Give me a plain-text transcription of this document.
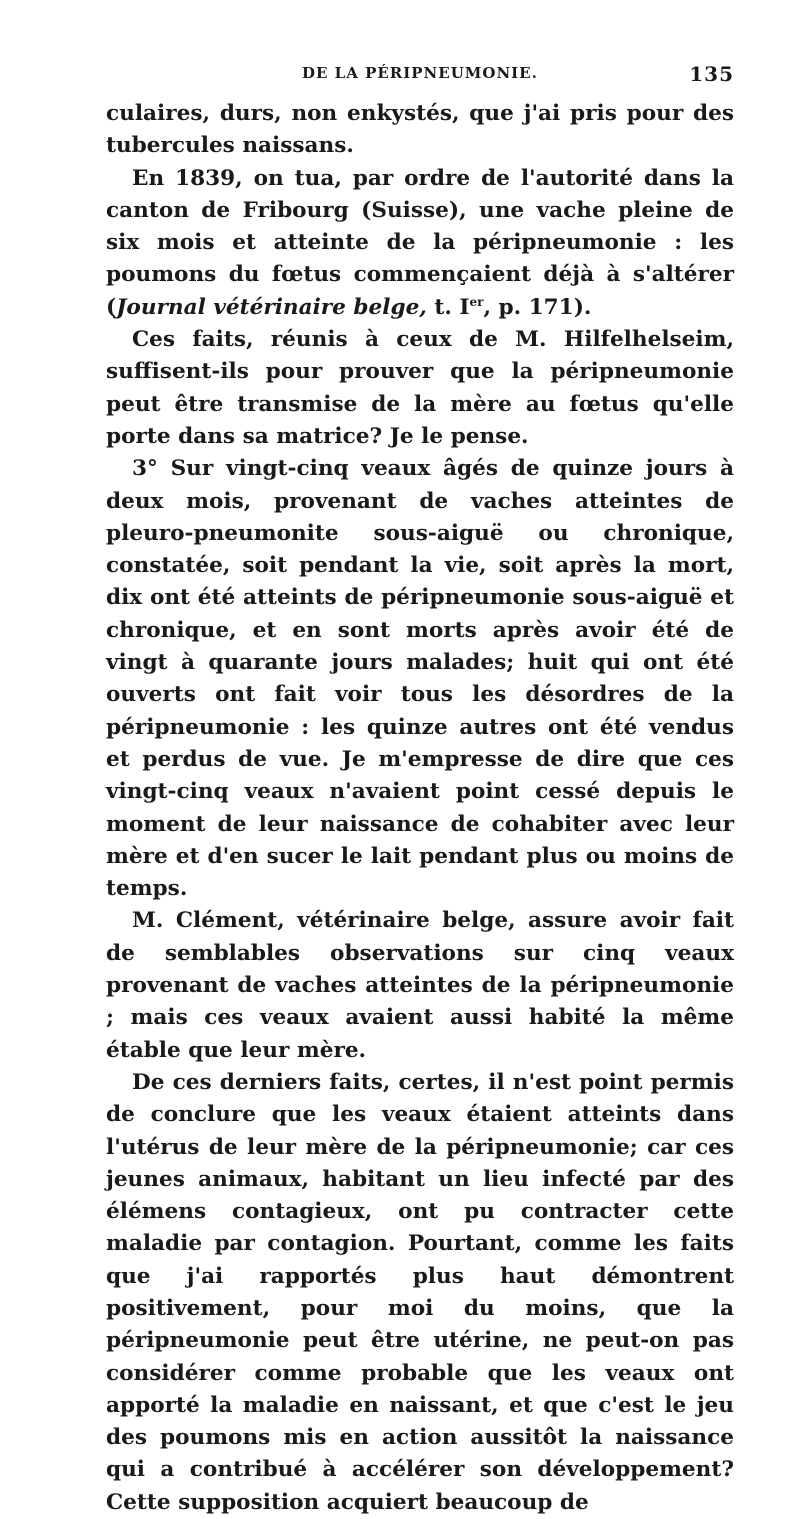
DE LA PÉRIPNEUMONIE.	135

culaires, durs, non enkystés, que j'ai pris pour des tubercules naissans.

En 1839, on tua, par ordre de l'autorité dans la canton de Fribourg (Suisse), une vache pleine de six mois et atteinte de la péripneumonie : les poumons du fœtus commençaient déjà à s'altérer (Journal vétérinaire belge, t. Ier, p. 171).

Ces faits, réunis à ceux de M. Hilfelhelseim, suffisent-ils pour prouver que la péripneumonie peut être transmise de la mère au fœtus qu'elle porte dans sa matrice? Je le pense.

3° Sur vingt-cinq veaux âgés de quinze jours à deux mois, provenant de vaches atteintes de pleuro-pneumonite sous-aiguë ou chronique, constatée, soit pendant la vie, soit après la mort, dix ont été atteints de péripneumonie sous-aiguë et chronique, et en sont morts après avoir été de vingt à quarante jours malades; huit qui ont été ouverts ont fait voir tous les désordres de la péripneumonie : les quinze autres ont été vendus et perdus de vue. Je m'empresse de dire que ces vingt-cinq veaux n'avaient point cessé depuis le moment de leur naissance de cohabiter avec leur mère et d'en sucer le lait pendant plus ou moins de temps.

M. Clément, vétérinaire belge, assure avoir fait de semblables observations sur cinq veaux provenant de vaches atteintes de la péripneumonie ; mais ces veaux avaient aussi habité la même étable que leur mère.

De ces derniers faits, certes, il n'est point permis de conclure que les veaux étaient atteints dans l'utérus de leur mère de la péripneumonie; car ces jeunes animaux, habitant un lieu infecté par des élémens contagieux, ont pu contracter cette maladie par contagion. Pourtant, comme les faits que j'ai rapportés plus haut démontrent positivement, pour moi du moins, que la péripneumonie peut être utérine, ne peut-on pas considérer comme probable que les veaux ont apporté la maladie en naissant, et que c'est le jeu des poumons mis en action aussitôt la naissance qui a contribué à accélérer son développement? Cette supposition acquiert beaucoup de
